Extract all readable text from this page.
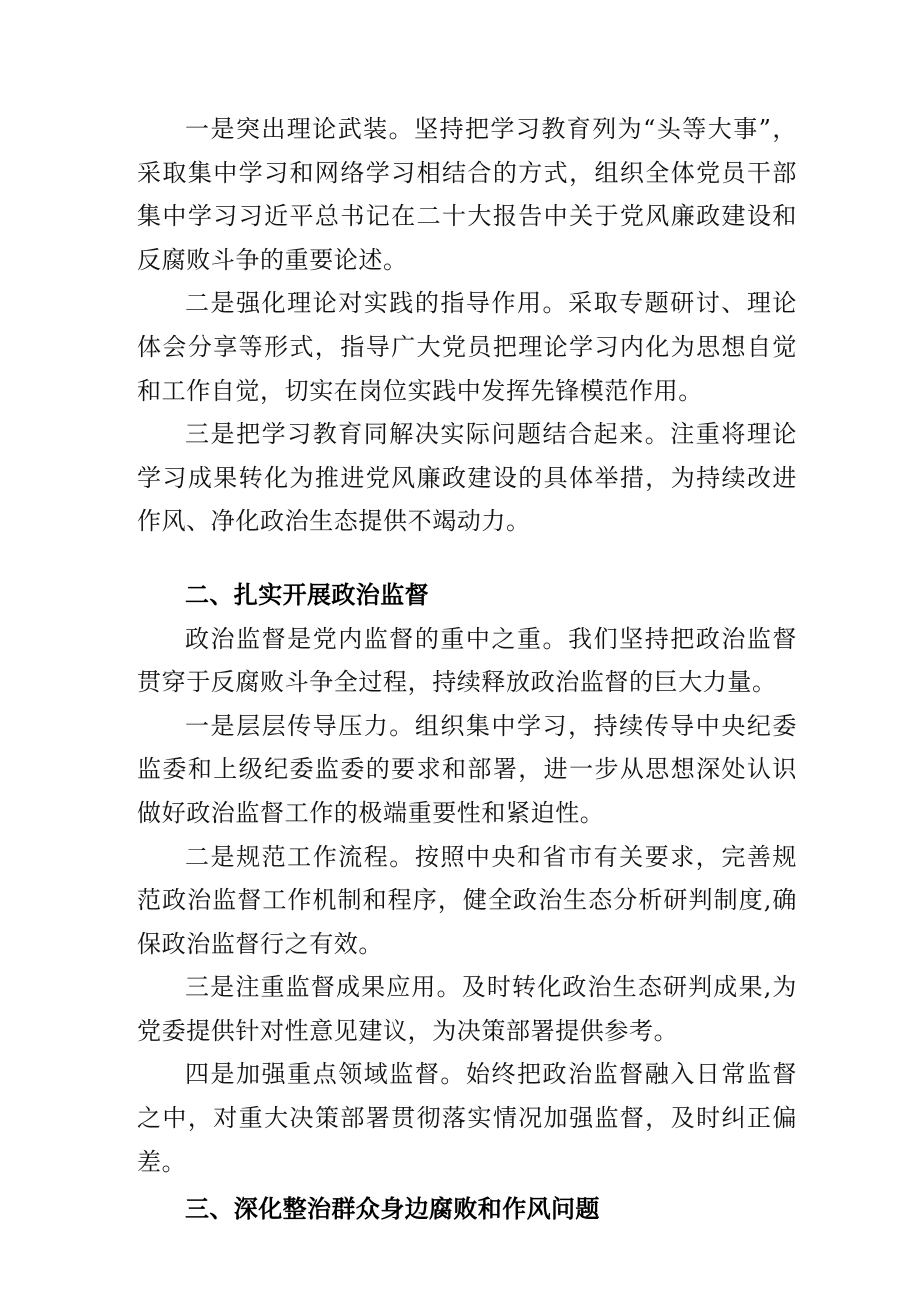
一是突出理论武装。坚持把学习教育列为“头等大事”，采取集中学习和网络学习相结合的方式，组织全体党员干部集中学习习近平总书记在二十大报告中关于党风廉政建设和反腐败斗争的重要论述。

二是强化理论对实践的指导作用。采取专题研讨、理论体会分享等形式，指导广大党员把理论学习内化为思想自觉和工作自觉，切实在岗位实践中发挥先锋模范作用。

三是把学习教育同解决实际问题结合起来。注重将理论学习成果转化为推进党风廉政建设的具体举措，为持续改进作风、净化政治生态提供不竭动力。

二、扎实开展政治监督

政治监督是党内监督的重中之重。我们坚持把政治监督贯穿于反腐败斗争全过程，持续释放政治监督的巨大力量。

一是层层传导压力。组织集中学习，持续传导中央纪委监委和上级纪委监委的要求和部署，进一步从思想深处认识做好政治监督工作的极端重要性和紧迫性。

二是规范工作流程。按照中央和省市有关要求，完善规范政治监督工作机制和程序，健全政治生态分析研判制度,确保政治监督行之有效。

三是注重监督成果应用。及时转化政治生态研判成果,为党委提供针对性意见建议，为决策部署提供参考。

四是加强重点领域监督。始终把政治监督融入日常监督之中，对重大决策部署贯彻落实情况加强监督，及时纠正偏差。

三、深化整治群众身边腐败和作风问题
